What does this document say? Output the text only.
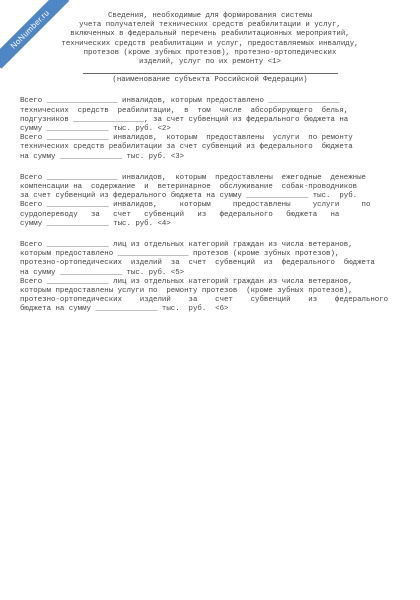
NoNumber.ru	Сведения, необходимые для формирования системы

учета получателей технических средств реабилитации и услуг,

включенных в федеральный перечень реабилитационных мероприятий,

технических средств реабилитации и услуг, предоставляемых инвалиду,

протезов (кроме зубных протезов), протезно-ортопедических

изделий, услуг по их ремонту <1>

(наименование субъекта Российской Федерации)

Всего ________________ инвалидов, которым предоставлено ________________

технических  средств  реабилитации,  в  том  числе  абсорбирующего  белья,

подгузников ________________, за счет субвенций из федерального бюджета на

сумму ______________ тыс. руб. <2>

Всего ______________ инвалидов,  которым  предоставлены  услуги  по ремонту

технических средств реабилитации за счет субвенций из федерального  бюджета

на сумму ______________ тыс. руб. <3>

Всего ________________ инвалидов,  которым  предоставлены  ежегодные  денежные

компенсации на  содержание  и  ветеринарное  обслуживание  собак-проводников

за счет субвенций из федерального бюджета на сумму ______________ тыс.  руб.

Всего ______________ инвалидов,     которым     предоставлены     услуги     по

сурдопереводу   за   счет   субвенций   из   федерального   бюджета   на

сумму ______________ тыс. руб. <4>

Всего ______________ лиц из отдельных категорий граждан из числа ветеранов,

которым предоставлено ________________ протезов (кроме зубных протезов),

протезно-ортопедических  изделий  за  счет  субвенций  из  федерального  бюджета

на сумму ______________ тыс. руб. <5>

Всего ______________ лиц из отдельных категорий граждан из числа ветеранов,

которым предоставлены услуги по  ремонту протезов  (кроме зубных протезов),

протезно-ортопедических    изделий    за    счет    субвенций    из    федерального

бюджета на сумму ______________ тыс.  руб.  <6>
